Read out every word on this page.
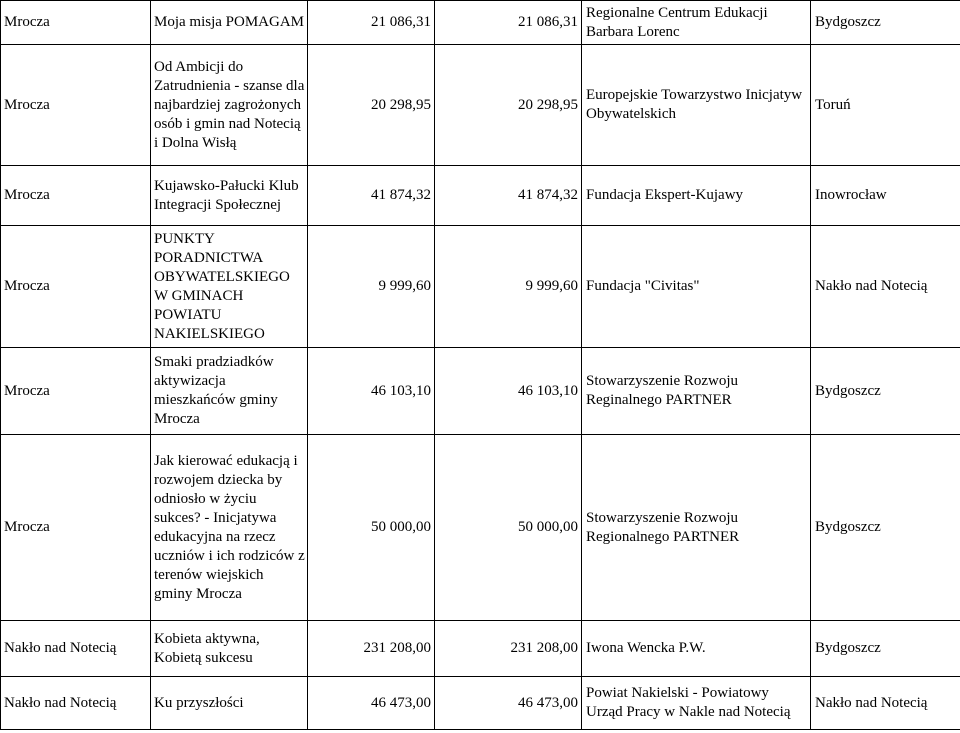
Mrocza	Moja misja POMAGAM	21 086,31	21 086,31	Regionalne Centrum Edukacji Barbara Lorenc	Bydgoszcz
Mrocza	Od Ambicji do Zatrudnienia - szanse dla najbardziej zagrożonych osób i gmin nad Notecią i Dolna Wisłą	20 298,95	20 298,95	Europejskie Towarzystwo Inicjatyw Obywatelskich	Toruń
Mrocza	Kujawsko-Pałucki Klub Integracji Społecznej	41 874,32	41 874,32	Fundacja Ekspert-Kujawy	Inowrocław
Mrocza	PUNKTY PORADNICTWA OBYWATELSKIEGO W GMINACH POWIATU NAKIELSKIEGO	9 999,60	9 999,60	Fundacja "Civitas"	Nakło nad Notecią
Mrocza	Smaki pradziadków aktywizacja mieszkańców gminy Mrocza	46 103,10	46 103,10	Stowarzyszenie Rozwoju Reginalnego PARTNER	Bydgoszcz
Mrocza	Jak kierować edukacją i rozwojem dziecka by odniosło w życiu sukces? - Inicjatywa edukacyjna na rzecz uczniów i ich rodziców z terenów wiejskich gminy Mrocza	50 000,00	50 000,00	Stowarzyszenie Rozwoju Regionalnego PARTNER	Bydgoszcz
Nakło nad Notecią	Kobieta aktywna, Kobietą sukcesu	231 208,00	231 208,00	Iwona Wencka P.W.	Bydgoszcz
Nakło nad Notecią	Ku przyszłości	46 473,00	46 473,00	Powiat Nakielski - Powiatowy Urząd Pracy w Nakle nad Notecią	Nakło nad Notecią
